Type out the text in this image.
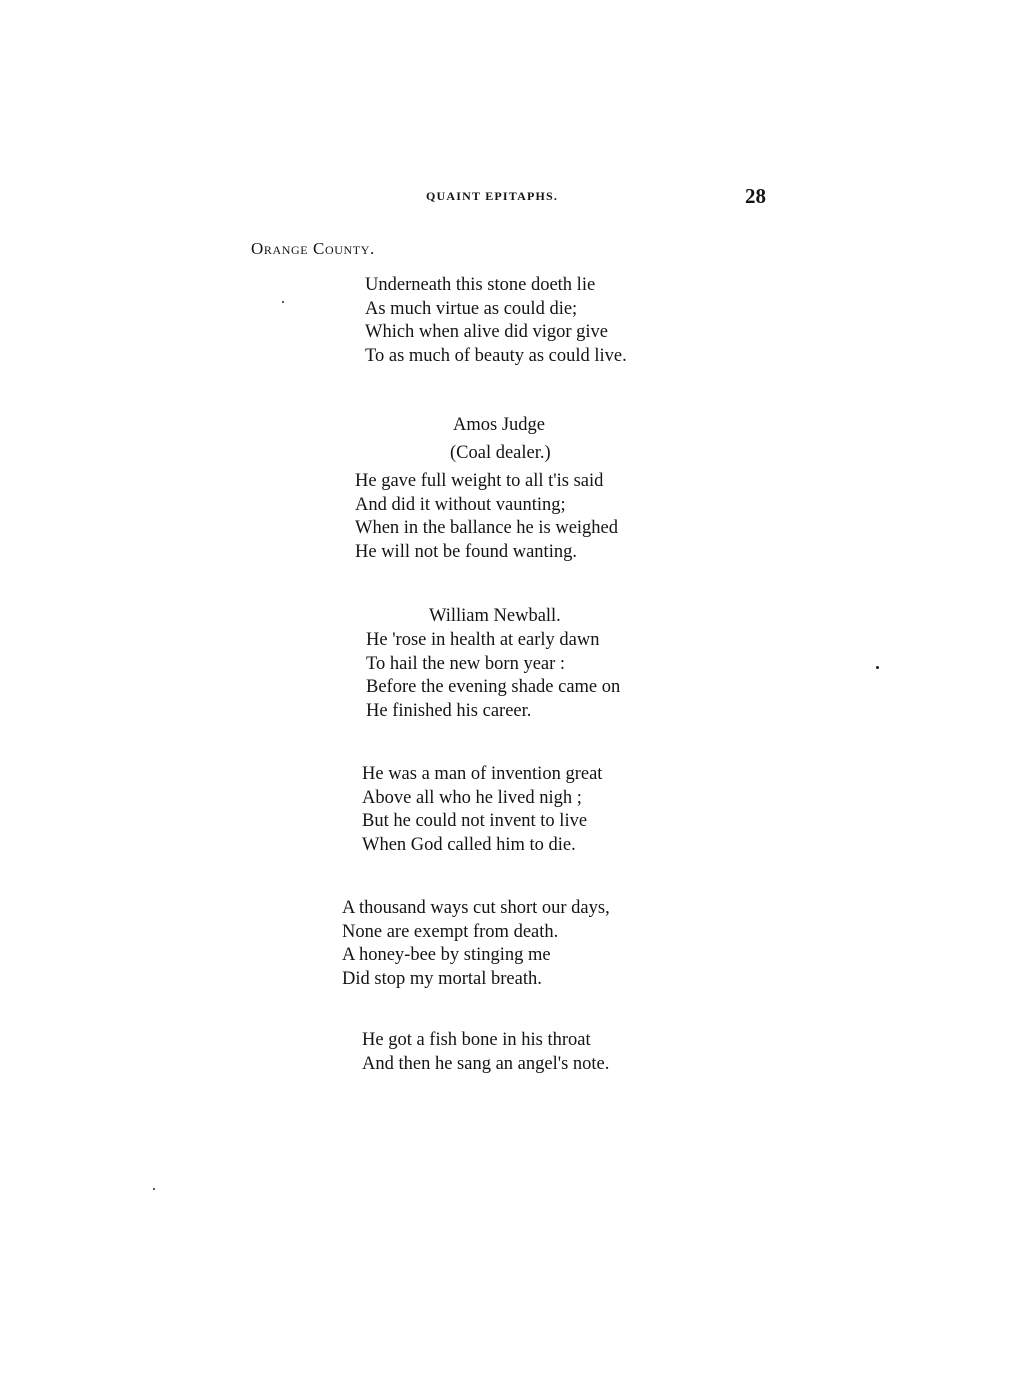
QUAINT EPITAPHS.	28
Orange County.
Underneath this stone doeth lie
As much virtue as could die;
Which when alive did vigor give
To as much of beauty as could live.
Amos Judge
(Coal dealer.)
He gave full weight to all t'is said
And did it without vaunting;
When in the ballance he is weighed
He will not be found wanting.
William Newball.
He 'rose in health at early dawn
To hail the new born year :
Before the evening shade came on
He finished his career.
He was a man of invention great
Above all who he lived nigh ;
But he could not invent to live
When God called him to die.
A thousand ways cut short our days,
None are exempt from death.
A honey-bee by stinging me
Did stop my mortal breath.
He got a fish bone in his throat
And then he sang an angel's note.
